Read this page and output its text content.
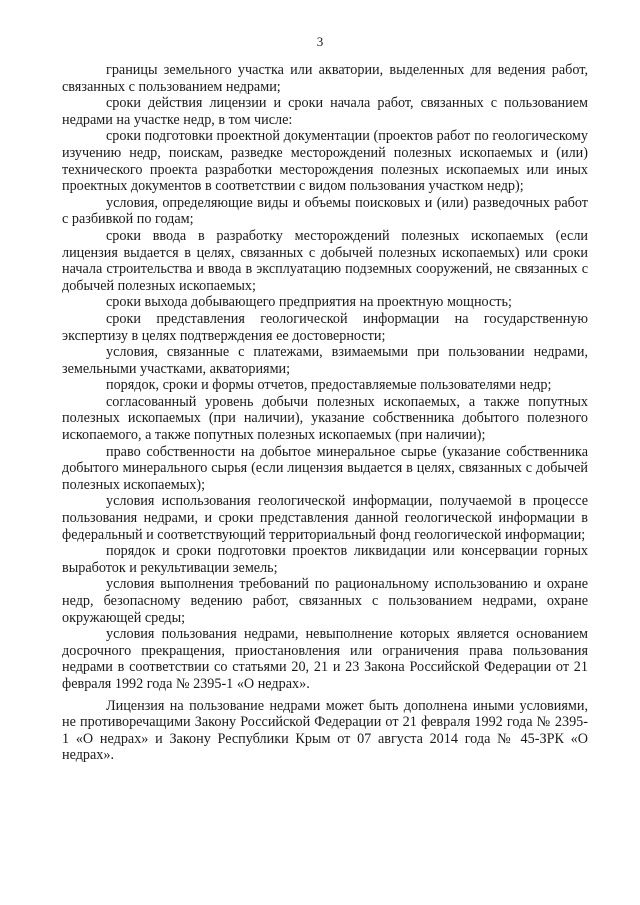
3

границы земельного участка или акватории, выделенных для ведения работ, связанных с пользованием недрами;

сроки действия лицензии и сроки начала работ, связанных с пользованием недрами на участке недр, в том числе:

сроки подготовки проектной документации (проектов работ по геологическому изучению недр, поискам, разведке месторождений полезных ископаемых и (или) технического проекта разработки месторождения полезных ископаемых или иных проектных документов в соответствии с видом пользования участком недр);

условия, определяющие виды и объемы поисковых и (или) разведочных работ с разбивкой по годам;

сроки ввода в разработку месторождений полезных ископаемых (если лицензия выдается в целях, связанных с добычей полезных ископаемых) или сроки начала строительства и ввода в эксплуатацию подземных сооружений, не связанных с добычей полезных ископаемых;

сроки выхода добывающего предприятия на проектную мощность;

сроки представления геологической информации на государственную экспертизу в целях подтверждения ее достоверности;

условия, связанные с платежами, взимаемыми при пользовании недрами, земельными участками, акваториями;

порядок, сроки и формы отчетов, предоставляемые пользователями недр;

согласованный уровень добычи полезных ископаемых, а также попутных полезных ископаемых (при наличии), указание собственника добытого полезного ископаемого, а также попутных полезных ископаемых (при наличии);

право собственности на добытое минеральное сырье (указание собственника добытого минерального сырья (если лицензия выдается в целях, связанных с добычей полезных ископаемых);

условия использования геологической информации, получаемой в процессе пользования недрами, и сроки представления данной геологической информации в федеральный и соответствующий территориальный фонд геологической информации;

порядок и сроки подготовки проектов ликвидации или консервации горных выработок и рекультивации земель;

условия выполнения требований по рациональному использованию и охране недр, безопасному ведению работ, связанных с пользованием недрами, охране окружающей среды;

условия пользования недрами, невыполнение которых является основанием досрочного прекращения, приостановления или ограничения права пользования недрами в соответствии со статьями 20, 21 и 23 Закона Российской Федерации от 21 февраля 1992 года № 2395-1 «О недрах».

Лицензия на пользование недрами может быть дополнена иными условиями, не противоречащими Закону Российской Федерации от 21 февраля 1992 года № 2395-1 «О недрах» и Закону Республики Крым от 07 августа 2014 года № 45-ЗРК «О недрах».
